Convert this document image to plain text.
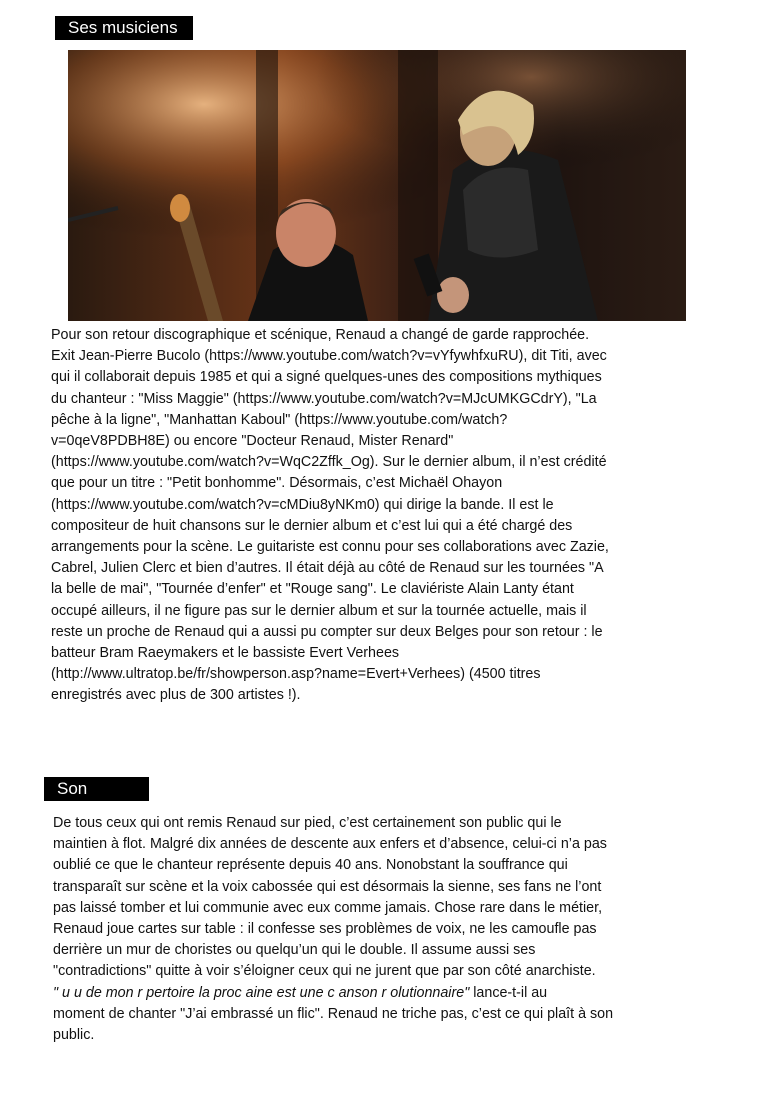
Ses musiciens
Pour son retour discographique et scénique, Renaud a changé de garde rapprochée.
Exit Jean-Pierre Bucolo (https://www.youtube.com/watch?v=vYfywhfxuRU), dit Titi, avec
qui il collaborait depuis 1985 et qui a signé quelques-unes des compositions mythiques
du chanteur : "Miss Maggie" (https://www.youtube.com/watch?v=MJcUMKGCdrY), "La
pêche à la ligne", "Manhattan Kaboul" (https://www.youtube.com/watch?
v=0qeV8PDBH8E) ou encore "Docteur Renaud, Mister Renard"
(https://www.youtube.com/watch?v=WqC2Zffk_Og). Sur le dernier album, il n’est crédité
que pour un titre : "Petit bonhomme". Désormais, c’est Michaël Ohayon
(https://www.youtube.com/watch?v=cMDiu8yNKm0) qui dirige la bande. Il est le
compositeur de huit chansons sur le dernier album et c’est lui qui a été chargé des
arrangements pour la scène. Le guitariste est connu pour ses collaborations avec Zazie,
Cabrel, Julien Clerc et bien d’autres. Il était déjà au côté de Renaud sur les tournées "A
la belle de mai", "Tournée d’enfer" et "Rouge sang". Le claviériste Alain Lanty étant
occupé ailleurs, il ne figure pas sur le dernier album et sur la tournée actuelle, mais il
reste un proche de Renaud qui a aussi pu compter sur deux Belges pour son retour : le
batteur Bram Raeymakers et le bassiste Evert Verhees
(http://www.ultratop.be/fr/showperson.asp?name=Evert+Verhees) (4500 titres
enregistrés avec plus de 300 artistes !).
Son public
De tous ceux qui ont remis Renaud sur pied, c’est certainement son public qui le
maintien à flot. Malgré dix années de descente aux enfers et d’absence, celui-ci n’a pas
oublié ce que le chanteur représente depuis 40 ans. Nonobstant la souffrance qui
transparaît sur scène et la voix cabossée qui est désormais la sienne, ses fans ne l’ont
pas laissé tomber et lui communie avec eux comme jamais. Chose rare dans le métier,
Renaud joue cartes sur table : il confesse ses problèmes de voix, ne les camoufle pas
derrière un mur de choristes ou quelqu’un qui le double. Il assume aussi ses
"contradictions" quitte à voir s’éloigner ceux qui ne jurent que par son côté anarchiste.
" u u de mon r pertoire la proc aine est une c anson r olutionnaire" lance-t-il au
moment de chanter "J’ai embrassé un flic". Renaud ne triche pas, c’est ce qui plaît à son
public.
